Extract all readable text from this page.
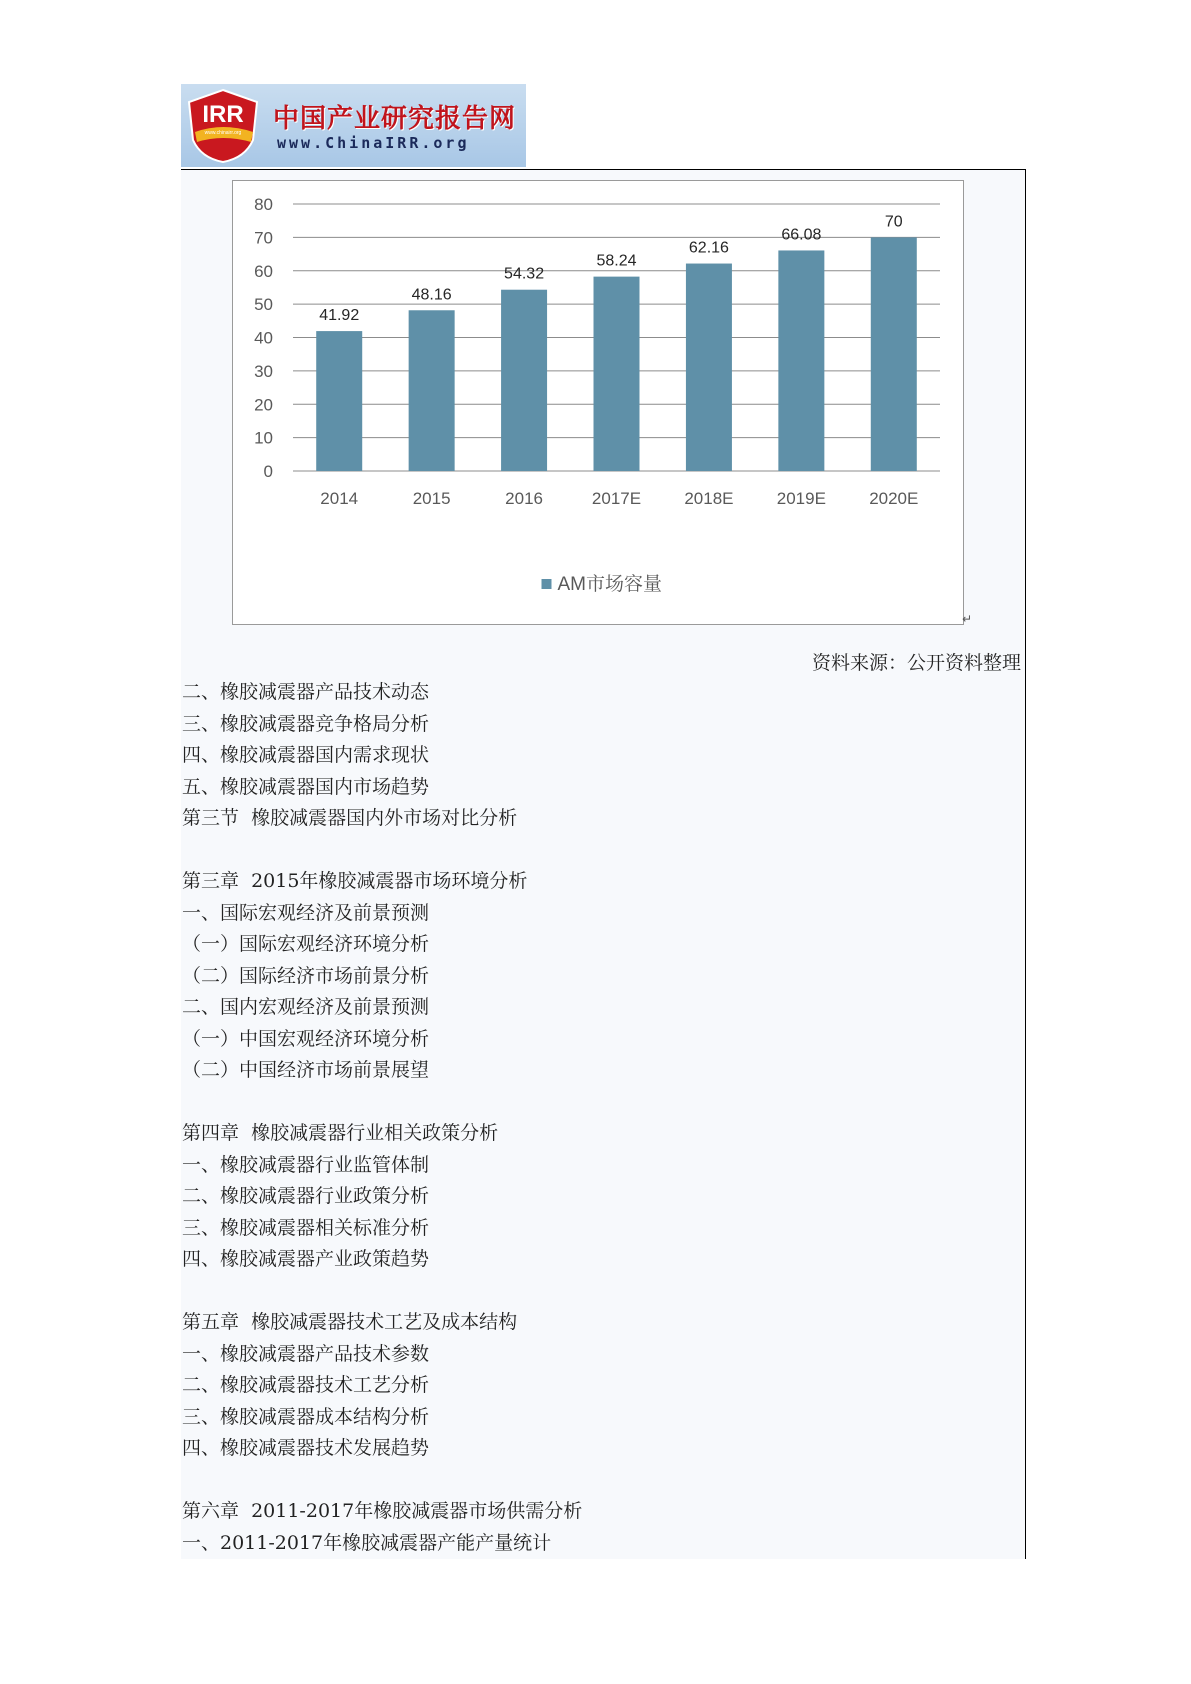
IRR
www.chinairr.org 中国产业研究报告网
www.ChinaIRR.org
0
10
20
30
40
50
60
70
80
41.92
2014
48.16
2015
54.32
2016
58.24
2017E
62.16
2018E
66.08
2019E
70
2020E
AM市场容量
↵
资料来源：公开资料整理
二、橡胶减震器产品技术动态
三、橡胶减震器竞争格局分析
四、橡胶减震器国内需求现状
五、橡胶减震器国内市场趋势
第三节  橡胶减震器国内外市场对比分析
第三章  2015年橡胶减震器市场环境分析
一、国际宏观经济及前景预测
（一）国际宏观经济环境分析
（二）国际经济市场前景分析
二、国内宏观经济及前景预测
（一）中国宏观经济环境分析
（二）中国经济市场前景展望
第四章  橡胶减震器行业相关政策分析
一、橡胶减震器行业监管体制
二、橡胶减震器行业政策分析
三、橡胶减震器相关标准分析
四、橡胶减震器产业政策趋势
第五章  橡胶减震器技术工艺及成本结构
一、橡胶减震器产品技术参数
二、橡胶减震器技术工艺分析
三、橡胶减震器成本结构分析
四、橡胶减震器技术发展趋势
第六章  2011-2017年橡胶减震器市场供需分析
一、2011-2017年橡胶减震器产能产量统计
